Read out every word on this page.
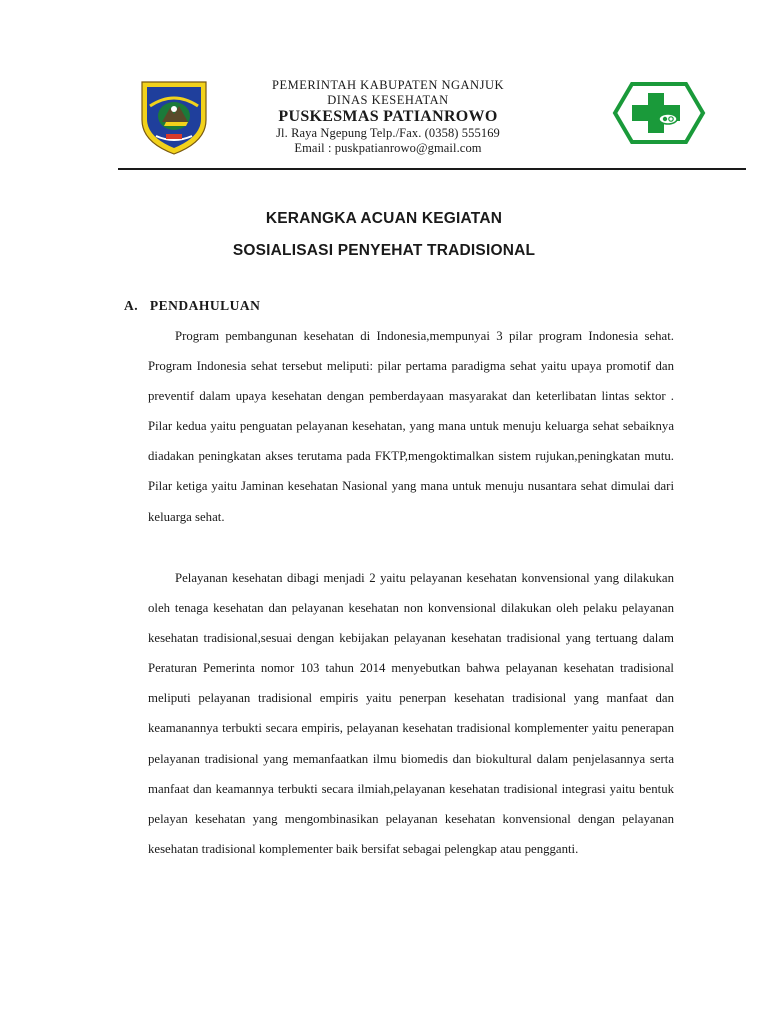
PEMERINTAH KABUPATEN NGANJUK
DINAS KESEHATAN
PUSKESMAS PATIANROWO
Jl. Raya Ngepung Telp./Fax. (0358) 555169
Email : puskpatianrowo@gmail.com
KERANGKA ACUAN KEGIATAN
SOSIALISASI PENYEHAT TRADISIONAL
A. PENDAHULUAN
Program pembangunan kesehatan di Indonesia,mempunyai 3 pilar program Indonesia sehat. Program Indonesia sehat tersebut meliputi: pilar pertama paradigma sehat yaitu upaya promotif dan preventif dalam upaya kesehatan dengan pemberdayaan masyarakat dan keterlibatan lintas sektor . Pilar kedua yaitu penguatan pelayanan kesehatan, yang mana untuk menuju keluarga sehat sebaiknya diadakan peningkatan akses terutama pada FKTP,mengoktimalkan sistem rujukan,peningkatan mutu. Pilar ketiga yaitu Jaminan kesehatan Nasional yang mana untuk menuju nusantara sehat dimulai dari keluarga sehat.
Pelayanan kesehatan dibagi menjadi 2 yaitu pelayanan kesehatan konvensional yang dilakukan oleh tenaga kesehatan dan pelayanan kesehatan non konvensional dilakukan oleh pelaku pelayanan kesehatan tradisional,sesuai dengan kebijakan pelayanan kesehatan tradisional yang tertuang dalam Peraturan Pemerinta nomor 103 tahun 2014 menyebutkan bahwa pelayanan kesehatan tradisional meliputi pelayanan tradisional empiris yaitu penerpan kesehatan tradisional yang manfaat dan keamanannya terbukti secara empiris, pelayanan kesehatan tradisional komplementer yaitu penerapan pelayanan tradisional yang memanfaatkan ilmu biomedis dan biokultural dalam penjelasannya serta manfaat dan keamannya terbukti secara ilmiah,pelayanan kesehatan tradisional integrasi yaitu bentuk pelayan kesehatan yang mengombinasikan pelayanan kesehatan konvensional dengan pelayanan kesehatan tradisional komplementer baik bersifat sebagai pelengkap atau pengganti.
